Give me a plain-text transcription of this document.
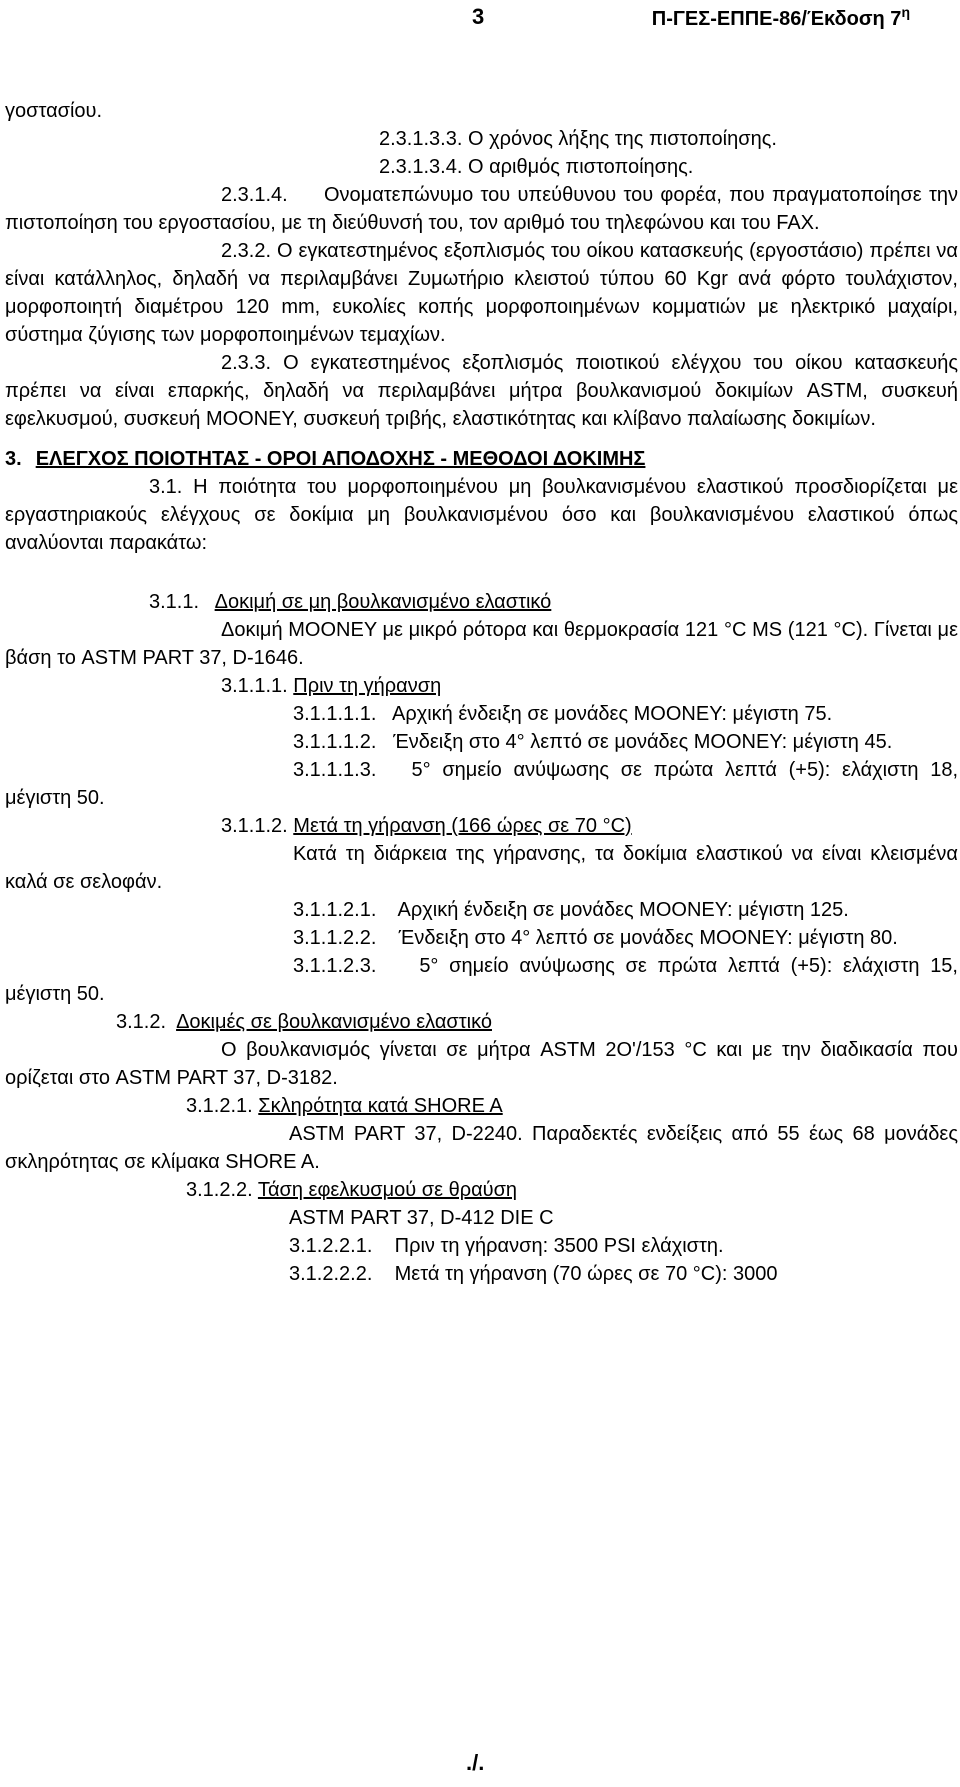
3	Π-ΓΕΣ-ΕΠΠΕ-86/Έκδοση $7^\eta$

γοστασίου.

2.3.1.3.3. Ο χρόνος λήξης της πιστοποίησης.

2.3.1.3.4. Ο αριθμός πιστοποίησης.

2.3.1.4. Ονοματεπώνυμο του υπεύθυνου του φορέα, που πραγματοποίησε την πιστοποίηση του εργοστασίου, με τη διεύθυνσή του, τον αριθμό του τηλεφώνου και του FAX.

2.3.2. Ο εγκατεστημένος εξοπλισμός του οίκου κατασκευής (εργοστάσιο) πρέπει να είναι κατάλληλος, δηλαδή να περιλαμβάνει Ζυμωτήριο κλειστού τύπου 60 Kgr ανά φόρτο τουλάχιστον, μορφοποιητή διαμέτρου 120 mm, ευκολίες κοπής μορφοποιημένων κομματιών με ηλεκτρικό μαχαίρι, σύστημα ζύγισης των μορφοποιημένων τεμαχίων.

2.3.3. Ο εγκατεστημένος εξοπλισμός ποιοτικού ελέγχου του οίκου κατασκευής πρέπει να είναι επαρκής, δηλαδή να περιλαμβάνει μήτρα βουλκανισμού δοκιμίων ASTM, συσκευή εφελκυσμού, συσκευή MOONEY, συσκευή τριβής, ελαστικότητας και κλίβανο παλαίωσης δοκιμίων.

3. ΕΛΕΓΧΟΣ ΠΟΙΟΤΗΤΑΣ - ΟΡΟΙ ΑΠΟΔΟΧΗΣ - ΜΕΘΟΔΟΙ ΔΟΚΙΜΗΣ

3.1. Η ποιότητα του μορφοποιημένου μη βουλκανισμένου ελαστικού προσδιορίζεται με εργαστηριακούς ελέγχους σε δοκίμια μη βουλκανισμένου όσο και βουλκανισμένου ελαστικού όπως αναλύονται παρακάτω:

3.1.1. Δοκιμή σε μη βουλκανισμένο ελαστικό

Δοκιμή MOONEY με μικρό ρότορα και θερμοκρασία 121 °C MS (121 °C). Γίνεται με βάση το ASTM PART 37, D-1646.

3.1.1.1. Πριν τη γήρανση

3.1.1.1.1. Αρχική ένδειξη σε μονάδες MOONEY: μέγιστη 75.

3.1.1.1.2. Ένδειξη στο 4° λεπτό σε μονάδες MOONEY: μέγιστη 45.

3.1.1.1.3. 5° σημείο ανύψωσης σε πρώτα λεπτά (+5): ελάχιστη 18, μέγιστη 50.

3.1.1.2. Μετά τη γήρανση (166 ώρες σε 70 °C)

Κατά τη διάρκεια της γήρανσης, τα δοκίμια ελαστικού να είναι κλεισμένα καλά σε σελοφάν.

3.1.1.2.1. Αρχική ένδειξη σε μονάδες MOONEY: μέγιστη 125.

3.1.1.2.2. Ένδειξη στο 4° λεπτό σε μονάδες MOONEY: μέγιστη 80.

3.1.1.2.3. 5° σημείο ανύψωσης σε πρώτα λεπτά (+5): ελάχιστη 15, μέγιστη 50.

3.1.2. Δοκιμές σε βουλκανισμένο ελαστικό

Ο βουλκανισμός γίνεται σε μήτρα ASTM 2O'/153 °C και με την διαδικασία που ορίζεται στο ASTM PART 37, D-3182.

3.1.2.1. Σκληρότητα κατά SHORE A

ASTM PART 37, D-2240. Παραδεκτές ενδείξεις από 55 έως 68 μονάδες σκληρότητας σε κλίμακα SHORE A.

3.1.2.2. Τάση εφελκυσμού σε θραύση

ASTM PART 37, D-412 DIE C

3.1.2.2.1. Πριν τη γήρανση: 3500 PSI ελάχιστη.

3.1.2.2.2. Μετά τη γήρανση (70 ώρες σε 70 °C): 3000

./.
